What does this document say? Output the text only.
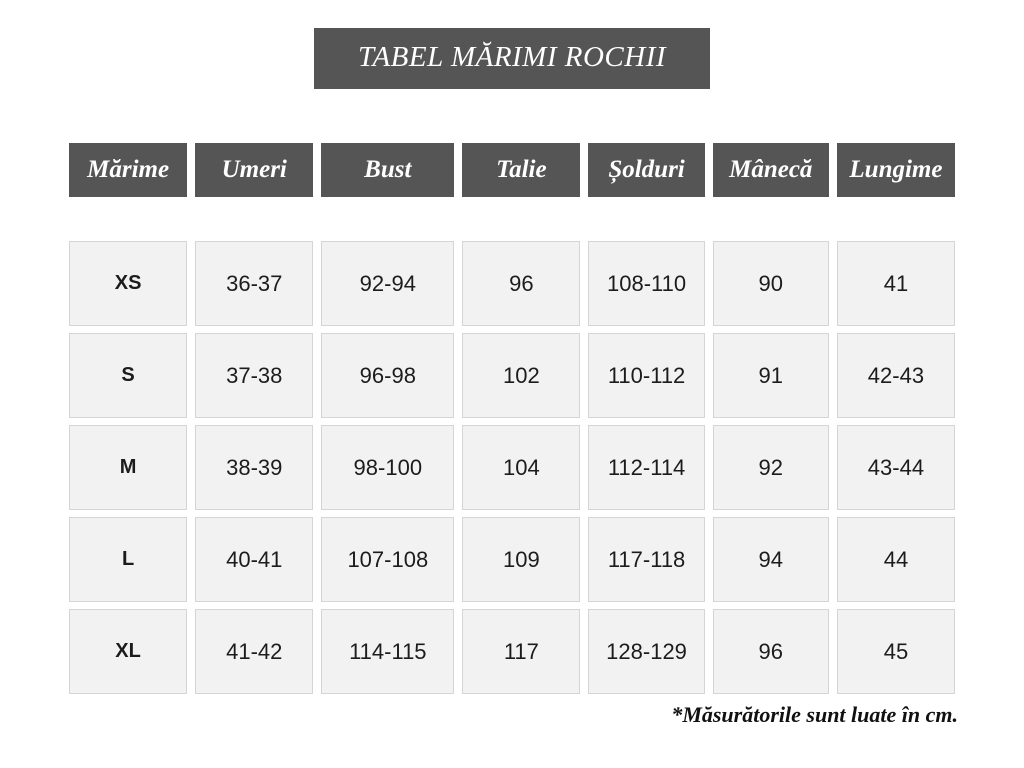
TABEL MĂRIMI ROCHII
Mărime	Umeri	Bust	Talie	Șolduri	Mânecă	Lungime
XS	36-37	92-94	96	108-110	90	41
S	37-38	96-98	102	110-112	91	42-43
M	38-39	98-100	104	112-114	92	43-44
L	40-41	107-108	109	117-118	94	44
XL	41-42	114-115	117	128-129	96	45
*Măsurătorile sunt luate în cm.
